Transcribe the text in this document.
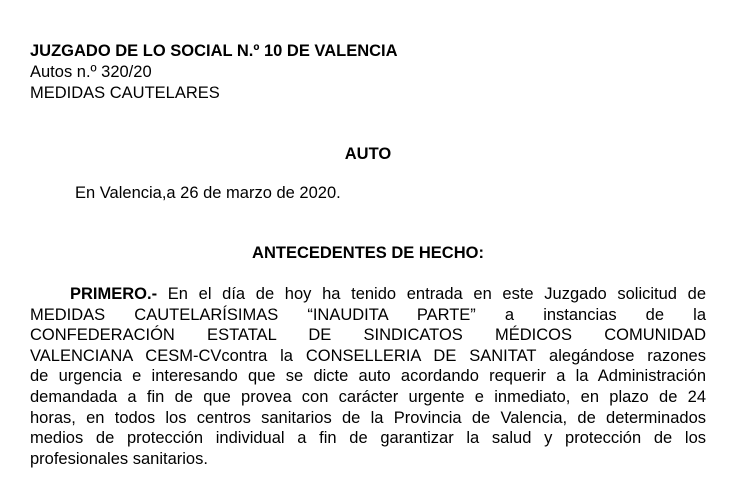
JUZGADO DE LO SOCIAL N.º 10 DE VALENCIA
Autos n.º 320/20
MEDIDAS CAUTELARES
AUTO
En Valencia,a 26 de marzo de 2020.
ANTECEDENTES DE HECHO:
PRIMERO.- En el día de hoy ha tenido entrada en este Juzgado solicitud de
MEDIDAS CAUTELARÍSIMAS “INAUDITA PARTE” a instancias de la
CONFEDERACIÓN ESTATAL DE SINDICATOS MÉDICOS COMUNIDAD
VALENCIANA CESM-CVcontra la CONSELLERIA DE SANITAT alegándose razones
de urgencia e interesando que se dicte auto acordando requerir a la Administración
demandada a fin de que provea con carácter urgente e inmediato, en plazo de 24
horas, en todos los centros sanitarios de la Provincia de Valencia, de determinados
medios de protección individual a fin de garantizar la salud y protección de los
profesionales sanitarios.
